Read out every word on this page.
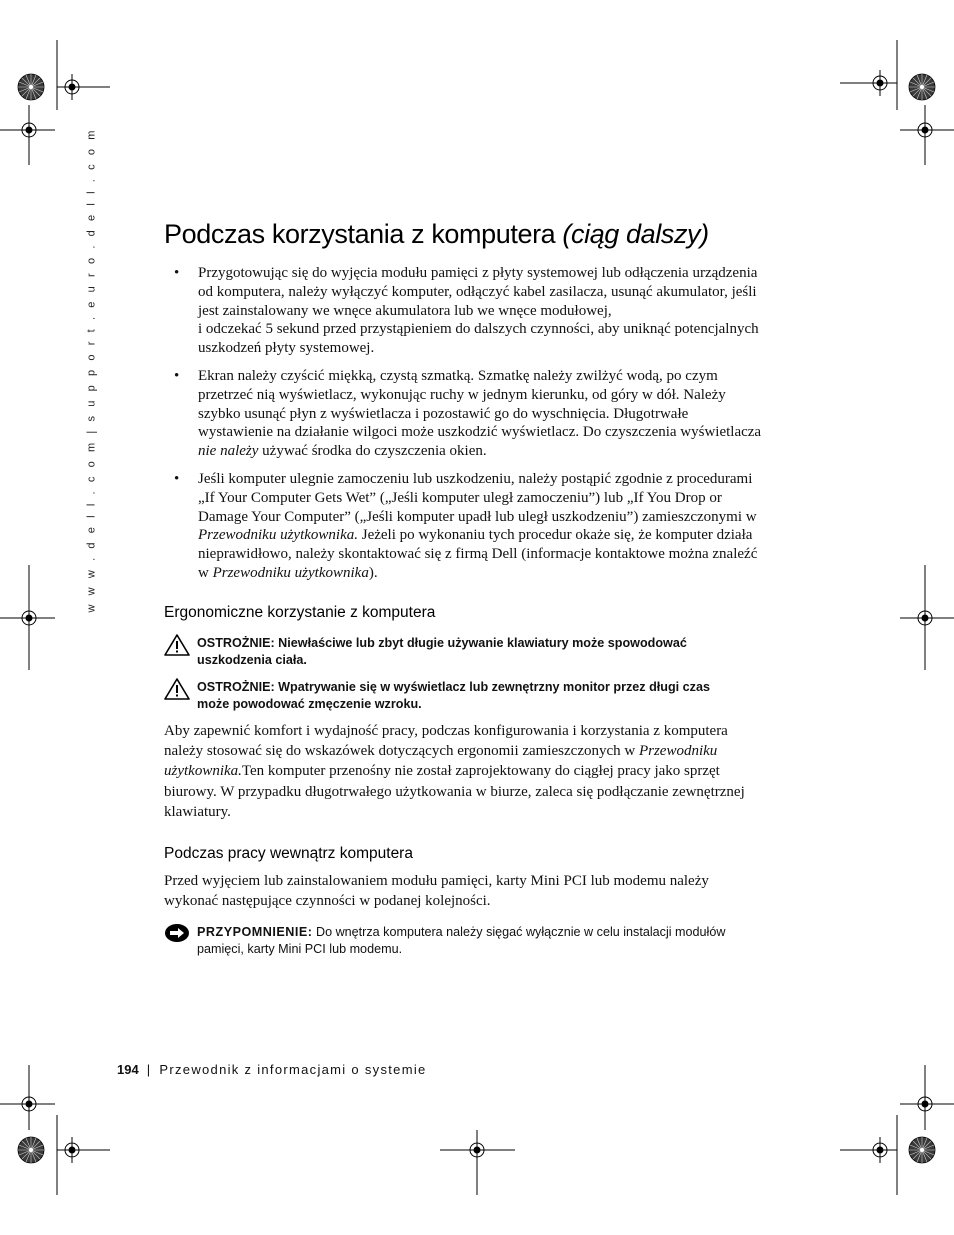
w w w . d e l l . c o m | s u p p o r t . e u r o . d e l l . c o m Podczas korzystania z komputera (ciąg dalszy)

• Przygotowując się do wyjęcia modułu pamięci z płyty systemowej lub odłączenia urządzenia

od komputera, należy wyłączyć komputer, odłączyć kabel zasilacza, usunąć akumulator, jeśli

jest zainstalowany we wnęce akumulatora lub we wnęce modułowej,

i odczekać 5 sekund przed przystąpieniem do dalszych czynności, aby uniknąć potencjalnych

uszkodzeń płyty systemowej.

• Ekran należy czyścić miękką, czystą szmatką. Szmatkę należy zwilżyć wodą, po czym

przetrzeć nią wyświetlacz, wykonując ruchy w jednym kierunku, od góry w dół. Należy

szybko usunąć płyn z wyświetlacza i pozostawić go do wyschnięcia. Długotrwałe

wystawienie na działanie wilgoci może uszkodzić wyświetlacz. Do czyszczenia wyświetlacza

nie należy używać środka do czyszczenia okien.

• Jeśli komputer ulegnie zamoczeniu lub uszkodzeniu, należy postąpić zgodnie z procedurami

„If Your Computer Gets Wet” („Jeśli komputer uległ zamoczeniu”) lub „If You Drop or

Damage Your Computer” („Jeśli komputer upadł lub uległ uszkodzeniu”) zamieszczonymi w

Przewodniku użytkownika. Jeżeli po wykonaniu tych procedur okaże się, że komputer działa

nieprawidłowo, należy skontaktować się z firmą Dell (informacje kontaktowe można znaleźć

w Przewodniku użytkownika).

Ergonomiczne korzystanie z komputera
OSTROŻNIE: Niewłaściwe lub zbyt długie używanie klawiatury może spowodować
uszkodzenia ciała.
OSTROŻNIE: Wpatrywanie się w wyświetlacz lub zewnętrzny monitor przez długi czas
może powodować zmęczenie wzroku.
Aby zapewnić komfort i wydajność pracy, podczas konfigurowania i korzystania z komputera
należy stosować się do wskazówek dotyczących ergonomii zamieszczonych w Przewodniku
użytkownika.Ten komputer przenośny nie został zaprojektowany do ciągłej pracy jako sprzęt
biurowy. W przypadku długotrwałego użytkowania w biurze, zaleca się podłączanie zewnętrznej
klawiatury.
Podczas pracy wewnątrz komputera
Przed wyjęciem lub zainstalowaniem modułu pamięci, karty Mini PCI lub modemu należy
wykonać następujące czynności w podanej kolejności.
PRZYPOMNIENIE: Do wnętrza komputera należy sięgać wyłącznie w celu instalacji modułów
pamięci, karty Mini PCI lub modemu.
194 | Przewodnik z informacjami o systemie
